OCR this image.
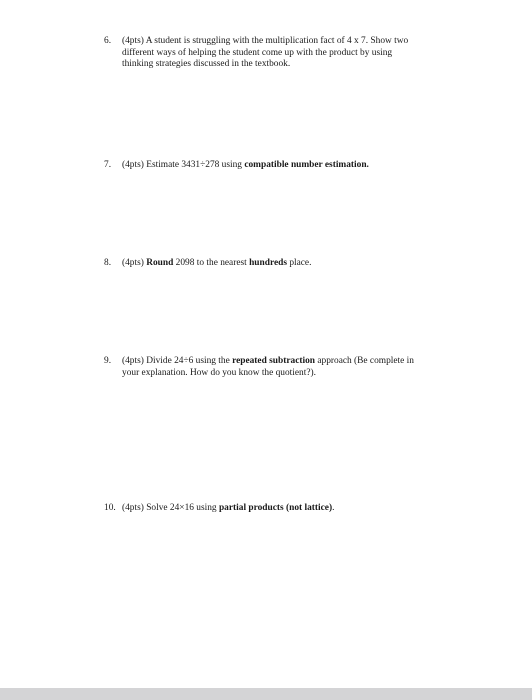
6. (4pts) A student is struggling with the multiplication fact of 4 x 7. Show two
different ways of helping the student come up with the product by using
thinking strategies discussed in the textbook.
7. (4pts) Estimate 3431÷278 using compatible number estimation.
8. (4pts) Round 2098 to the nearest hundreds place.
9. (4pts) Divide 24÷6 using the repeated subtraction approach (Be complete in
your explanation. How do you know the quotient?).
10. (4pts) Solve 24×16 using partial products (not lattice).
